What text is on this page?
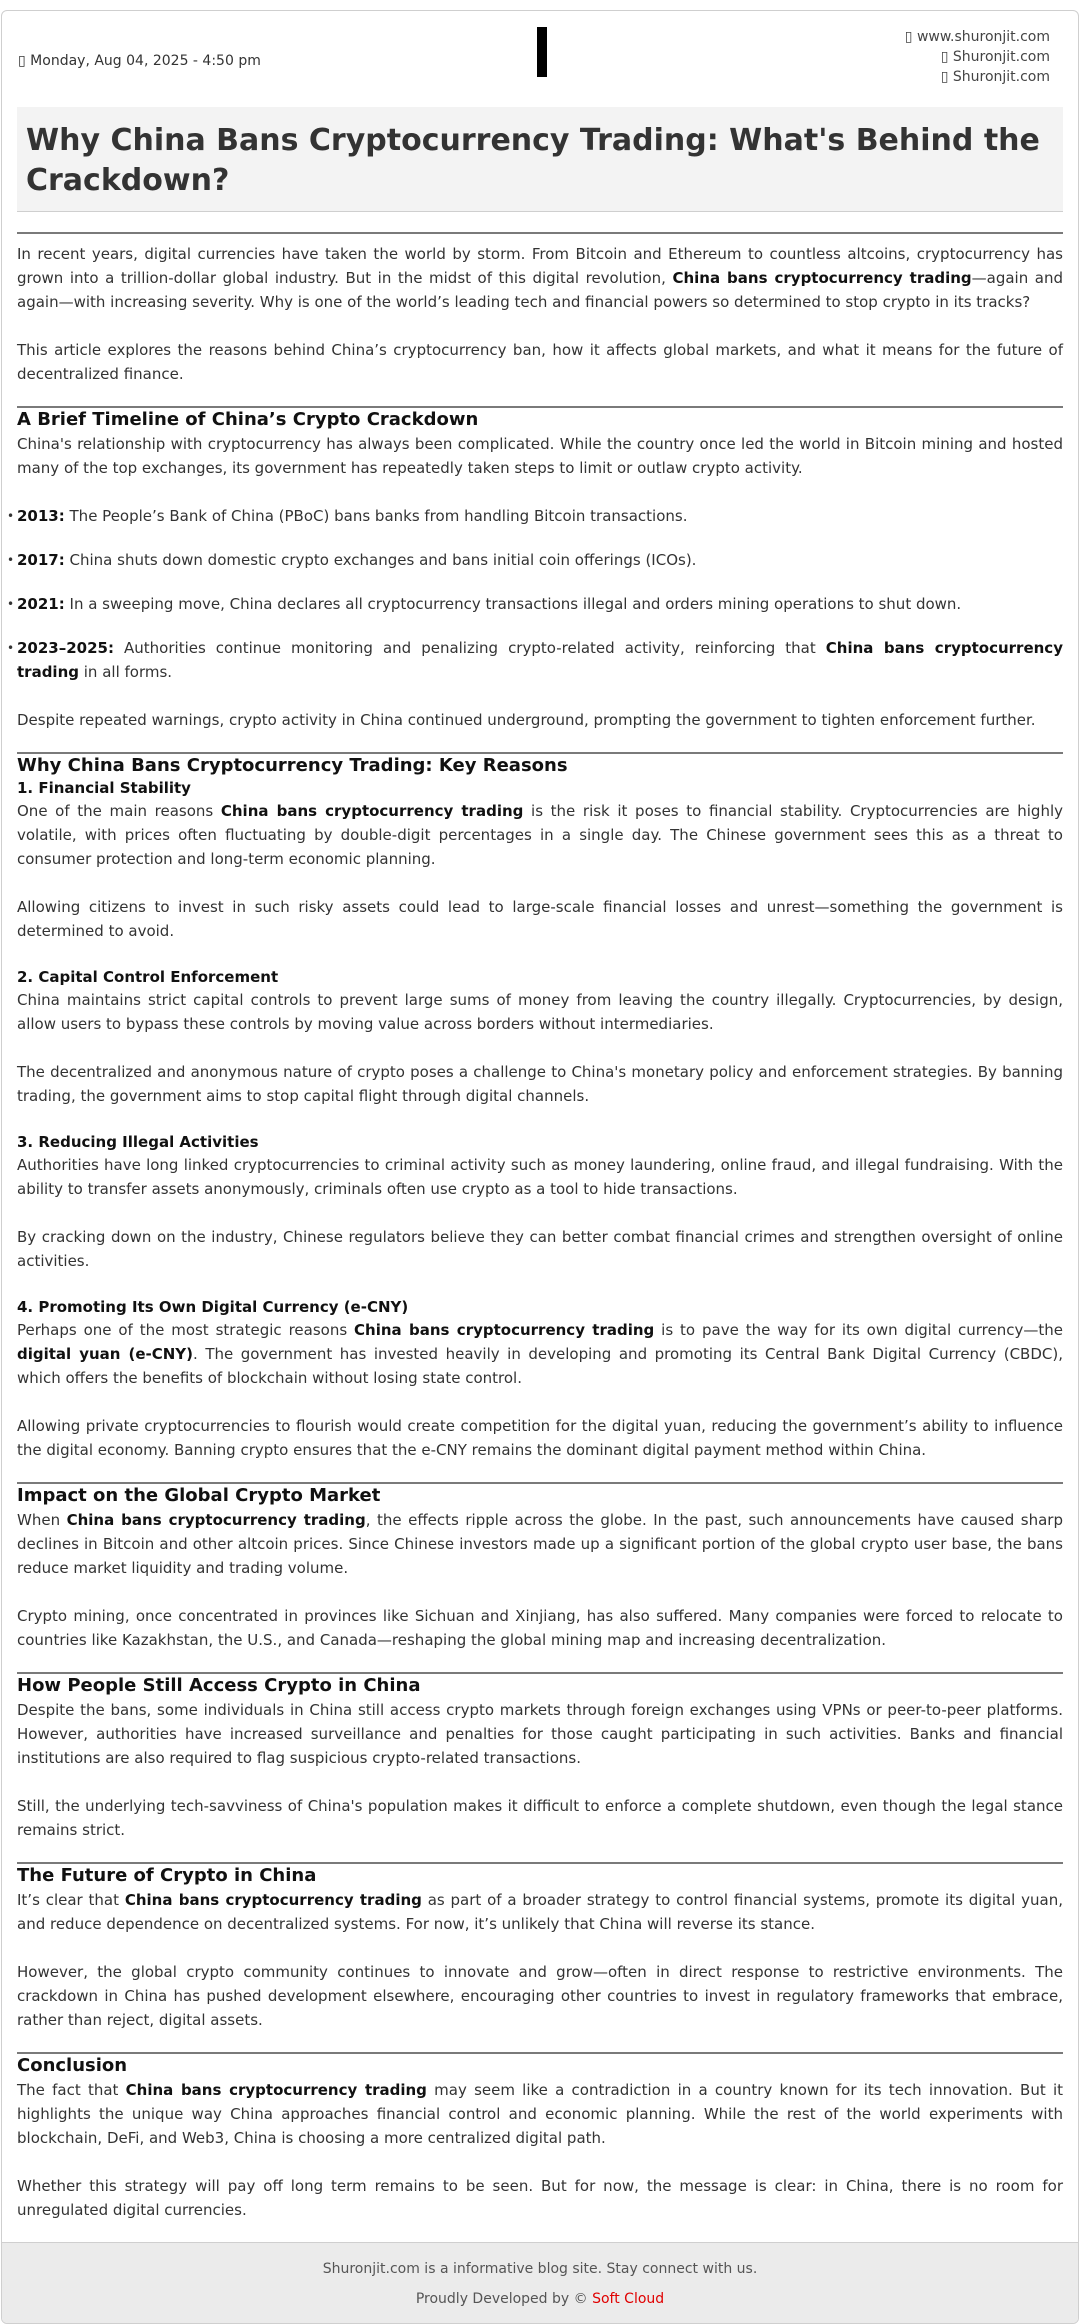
▯ Monday, Aug 04, 2025 - 4:50 pm
▯ www.shuronjit.com
▯ Shuronjit.com
▯ Shuronjit.com
Why China Bans Cryptocurrency Trading: What's Behind the Crackdown?

In recent years, digital currencies have taken the world by storm. From Bitcoin and Ethereum to countless altcoins, cryptocurrency has grown into a trillion-dollar global industry. But in the midst of this digital revolution, China bans cryptocurrency trading—again and again—with increasing severity. Why is one of the world’s leading tech and financial powers so determined to stop crypto in its tracks?

This article explores the reasons behind China’s cryptocurrency ban, how it affects global markets, and what it means for the future of decentralized finance.

A Brief Timeline of China’s Crypto Crackdown

China's relationship with cryptocurrency has always been complicated. While the country once led the world in Bitcoin mining and hosted many of the top exchanges, its government has repeatedly taken steps to limit or outlaw crypto activity.

• 2013: The People’s Bank of China (PBoC) bans banks from handling Bitcoin transactions.
• 2017: China shuts down domestic crypto exchanges and bans initial coin offerings (ICOs).
• 2021: In a sweeping move, China declares all cryptocurrency transactions illegal and orders mining operations to shut down.
• 2023–2025: Authorities continue monitoring and penalizing crypto-related activity, reinforcing that China bans cryptocurrency trading in all forms.

Despite repeated warnings, crypto activity in China continued underground, prompting the government to tighten enforcement further.

Why China Bans Cryptocurrency Trading: Key Reasons
1. Financial Stability

One of the main reasons China bans cryptocurrency trading is the risk it poses to financial stability. Cryptocurrencies are highly volatile, with prices often fluctuating by double-digit percentages in a single day. The Chinese government sees this as a threat to consumer protection and long-term economic planning.

Allowing citizens to invest in such risky assets could lead to large-scale financial losses and unrest—something the government is determined to avoid.

2. Capital Control Enforcement

China maintains strict capital controls to prevent large sums of money from leaving the country illegally. Cryptocurrencies, by design, allow users to bypass these controls by moving value across borders without intermediaries.

The decentralized and anonymous nature of crypto poses a challenge to China's monetary policy and enforcement strategies. By banning trading, the government aims to stop capital flight through digital channels.

3. Reducing Illegal Activities

Authorities have long linked cryptocurrencies to criminal activity such as money laundering, online fraud, and illegal fundraising. With the ability to transfer assets anonymously, criminals often use crypto as a tool to hide transactions.

By cracking down on the industry, Chinese regulators believe they can better combat financial crimes and strengthen oversight of online activities.

4. Promoting Its Own Digital Currency (e-CNY)

Perhaps one of the most strategic reasons China bans cryptocurrency trading is to pave the way for its own digital currency—the digital yuan (e-CNY). The government has invested heavily in developing and promoting its Central Bank Digital Currency (CBDC), which offers the benefits of blockchain without losing state control.

Allowing private cryptocurrencies to flourish would create competition for the digital yuan, reducing the government’s ability to influence the digital economy. Banning crypto ensures that the e-CNY remains the dominant digital payment method within China.

Impact on the Global Crypto Market

When China bans cryptocurrency trading, the effects ripple across the globe. In the past, such announcements have caused sharp declines in Bitcoin and other altcoin prices. Since Chinese investors made up a significant portion of the global crypto user base, the bans reduce market liquidity and trading volume.

Crypto mining, once concentrated in provinces like Sichuan and Xinjiang, has also suffered. Many companies were forced to relocate to countries like Kazakhstan, the U.S., and Canada—reshaping the global mining map and increasing decentralization.

How People Still Access Crypto in China

Despite the bans, some individuals in China still access crypto markets through foreign exchanges using VPNs or peer-to-peer platforms. However, authorities have increased surveillance and penalties for those caught participating in such activities. Banks and financial institutions are also required to flag suspicious crypto-related transactions.

Still, the underlying tech-savviness of China's population makes it difficult to enforce a complete shutdown, even though the legal stance remains strict.

The Future of Crypto in China

It’s clear that China bans cryptocurrency trading as part of a broader strategy to control financial systems, promote its digital yuan, and reduce dependence on decentralized systems. For now, it’s unlikely that China will reverse its stance.

However, the global crypto community continues to innovate and grow—often in direct response to restrictive environments. The crackdown in China has pushed development elsewhere, encouraging other countries to invest in regulatory frameworks that embrace, rather than reject, digital assets.

Conclusion

The fact that China bans cryptocurrency trading may seem like a contradiction in a country known for its tech innovation. But it highlights the unique way China approaches financial control and economic planning. While the rest of the world experiments with blockchain, DeFi, and Web3, China is choosing a more centralized digital path.

Whether this strategy will pay off long term remains to be seen. But for now, the message is clear: in China, there is no room for unregulated digital currencies.

Shuronjit.com is a informative blog site. Stay connect with us.
Proudly Developed by © Soft Cloud
